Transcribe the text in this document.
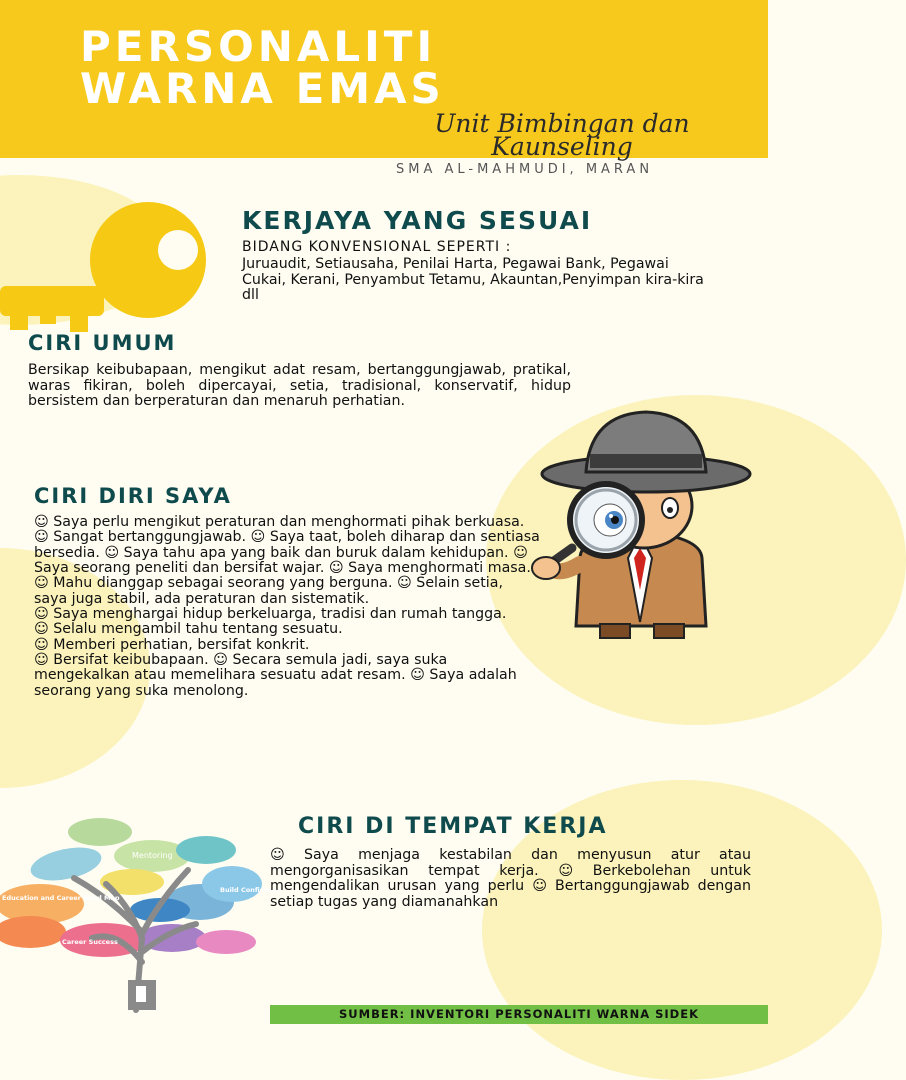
PERSONALITI
WARNA EMAS
Unit Bimbingan dan Kaunseling
SMA AL-MAHMUDI, MARAN
KERJAYA YANG SESUAI
BIDANG KONVENSIONAL SEPERTI :
Juruaudit, Setiausaha, Penilai Harta, Pegawai Bank, Pegawai Cukai, Kerani, Penyambut Tetamu, Akauntan,Penyimpan kira-kira dll
CIRI UMUM
Bersikap keibubapaan, mengikut adat resam, bertanggungjawab, pratikal, waras fikiran, boleh dipercayai, setia, tradisional, konservatif, hidup bersistem dan berperaturan dan menaruh perhatian.
CIRI DIRI SAYA
☺ Saya perlu mengikut peraturan dan menghormati pihak berkuasa. ☺ Sangat bertanggungjawab. ☺ Saya taat, boleh diharap dan sentiasa bersedia. ☺ Saya tahu apa yang baik dan buruk dalam kehidupan. ☺ Saya seorang peneliti dan bersifat wajar. ☺ Saya menghormati masa. ☺ Mahu dianggap sebagai seorang yang berguna. ☺ Selain setia, saya juga stabil, ada peraturan dan sistematik.
☺ Saya menghargai hidup berkeluarga, tradisi dan rumah tangga.
☺ Selalu mengambil tahu tentang sesuatu.
☺ Memberi perhatian, bersifat konkrit.
☺ Bersifat keibubapaan. ☺ Secara semula jadi, saya suka mengekalkan atau memelihara sesuatu adat resam. ☺ Saya adalah seorang yang suka menolong.
Mentoring
Education and Career Road Map
Build Confidence
Career Success
CIRI DI TEMPAT KERJA
☺ Saya menjaga kestabilan dan menyusun atur atau mengorganisasikan tempat kerja. ☺ Berkebolehan untuk mengendalikan urusan yang perlu ☺ Bertanggungjawab dengan setiap tugas yang diamanahkan
SUMBER: INVENTORI PERSONALITI WARNA SIDEK
